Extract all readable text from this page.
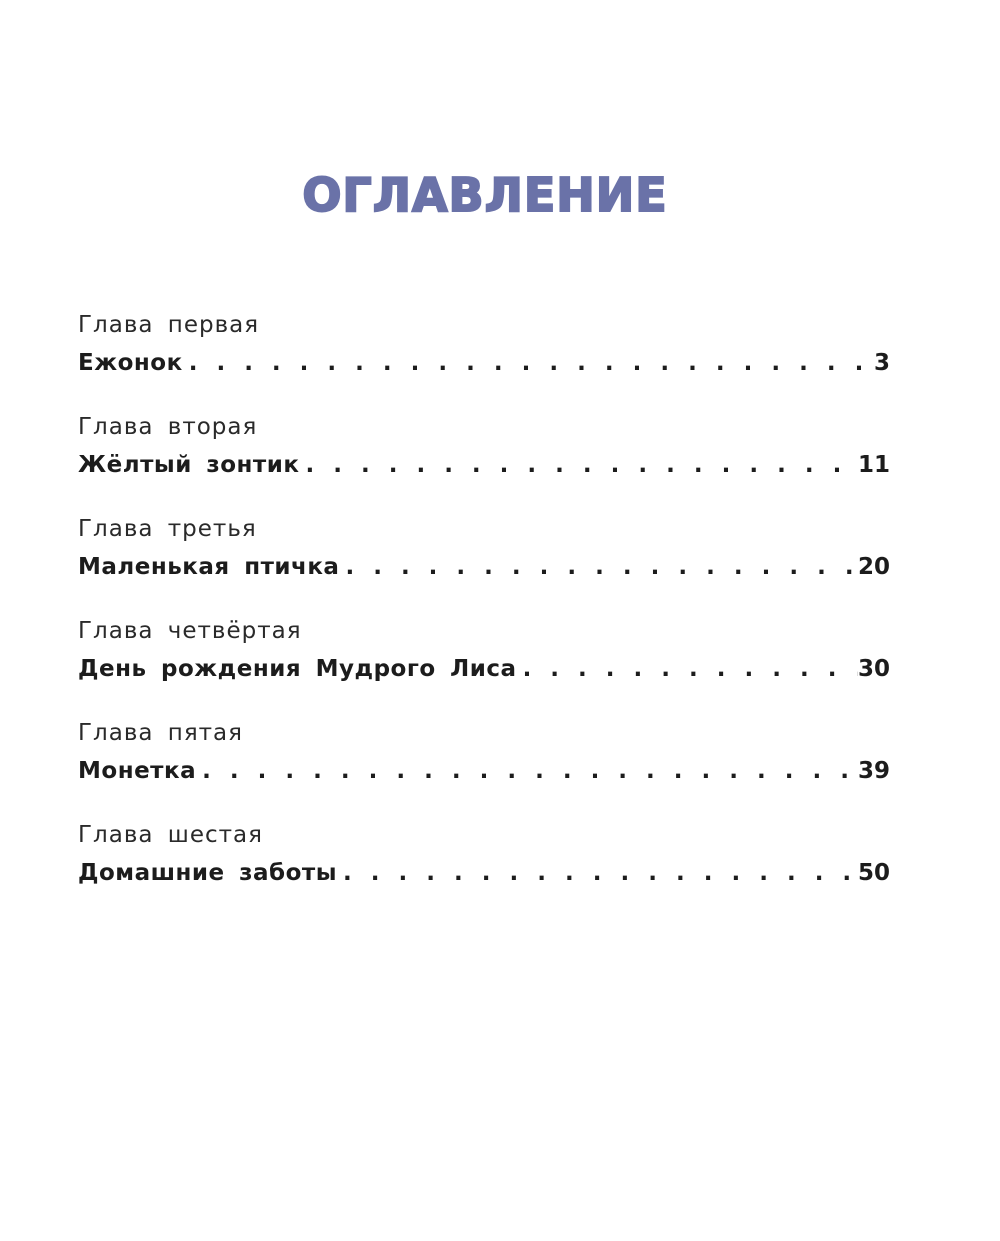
ОГЛАВЛЕНИЕ
Глава первая
Ежонок . . .	3
Глава вторая
Жёлтый зонтик . . .	11
Глава третья
Маленькая птичка . . .	20
Глава четвёртая
День рождения Мудрого Лиса . . .	30
Глава пятая
Монетка . . .	39
Глава шестая
Домашние заботы . . .	50
